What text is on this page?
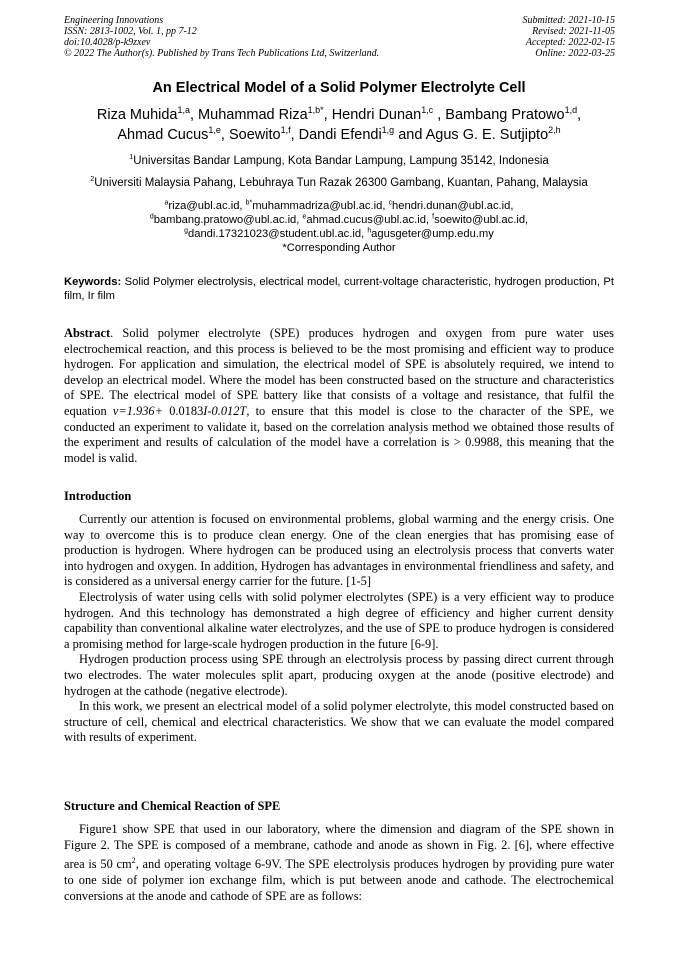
Engineering Innovations
ISSN: 2813-1002, Vol. 1, pp 7-12
doi:10.4028/p-k9zxev
© 2022 The Author(s). Published by Trans Tech Publications Ltd, Switzerland.
Submitted: 2021-10-15
Revised: 2021-11-05
Accepted: 2022-02-15
Online: 2022-03-25
An Electrical Model of a Solid Polymer Electrolyte Cell
Riza Muhida$^{1,a}$, Muhammad Riza$^{1,b*}$, Hendri Dunan$^{1,c}$ , Bambang Pratowo$^{1,d}$,
Ahmad Cucus$^{1,e}$, Soewito$^{1,f}$, Dandi Efendi$^{1,g}$ and Agus G. E. Sutjipto$^{2,h}$
$^1$Universitas Bandar Lampung, Kota Bandar Lampung, Lampung 35142, Indonesia
$^2$Universiti Malaysia Pahang, Lebuhraya Tun Razak 26300 Gambang, Kuantan, Pahang, Malaysia
$^a$riza@ubl.ac.id, $^{b*}$muhammadriza@ubl.ac.id, $^c$hendri.dunan@ubl.ac.id,
$^d$bambang.pratowo@ubl.ac.id, $^e$ahmad.cucus@ubl.ac.id, $^f$soewito@ubl.ac.id,
$^g$dandi.17321023@student.ubl.ac.id, $^h$agusgeter@ump.edu.my
*Corresponding Author
Keywords: Solid Polymer electrolysis, electrical model, current-voltage characteristic, hydrogen production, Pt film, Ir film

Abstract. Solid polymer electrolyte (SPE) produces hydrogen and oxygen from pure water uses electrochemical reaction, and this process is believed to be the most promising and efficient way to produce hydrogen. For application and simulation, the electrical model of SPE is absolutely required, we intend to develop an electrical model. Where the model has been constructed based on the structure and characteristics of SPE. The electrical model of SPE battery like that consists of a voltage and resistance, that fulfil the equation v=1.936+ 0.0183I-0.012T, to ensure that this model is close to the character of the SPE, we conducted an experiment to validate it, based on the correlation analysis method we obtained those results of the experiment and results of calculation of the model have a correlation is > 0.9988, this meaning that the model is valid.

Introduction

Currently our attention is focused on environmental problems, global warming and the energy crisis. One way to overcome this is to produce clean energy. One of the clean energies that has promising ease of production is hydrogen. Where hydrogen can be produced using an electrolysis process that converts water into hydrogen and oxygen. In addition, Hydrogen has advantages in environmental friendliness and safety, and is considered as a universal energy carrier for the future. [1-5]

Electrolysis of water using cells with solid polymer electrolytes (SPE) is a very efficient way to produce hydrogen. And this technology has demonstrated a high degree of efficiency and higher current density capability than conventional alkaline water electrolyzes, and the use of SPE to produce hydrogen is considered a promising method for large-scale hydrogen production in the future [6-9].

Hydrogen production process using SPE through an electrolysis process by passing direct current through two electrodes. The water molecules split apart, producing oxygen at the anode (positive electrode) and hydrogen at the cathode (negative electrode).

In this work, we present an electrical model of a solid polymer electrolyte, this model constructed based on structure of cell, chemical and electrical characteristics. We show that we can evaluate the model compared with results of experiment.

Structure and Chemical Reaction of SPE

Figure1 show SPE that used in our laboratory, where the dimension and diagram of the SPE shown in Figure 2. The SPE is composed of a membrane, cathode and anode as shown in Fig. 2. [6], where effective area is 50 $cm^2$, and operating voltage 6-9V. The SPE electrolysis produces hydrogen by providing pure water to one side of polymer ion exchange film, which is put between anode and cathode. The electrochemical conversions at the anode and cathode of SPE are as follows:
